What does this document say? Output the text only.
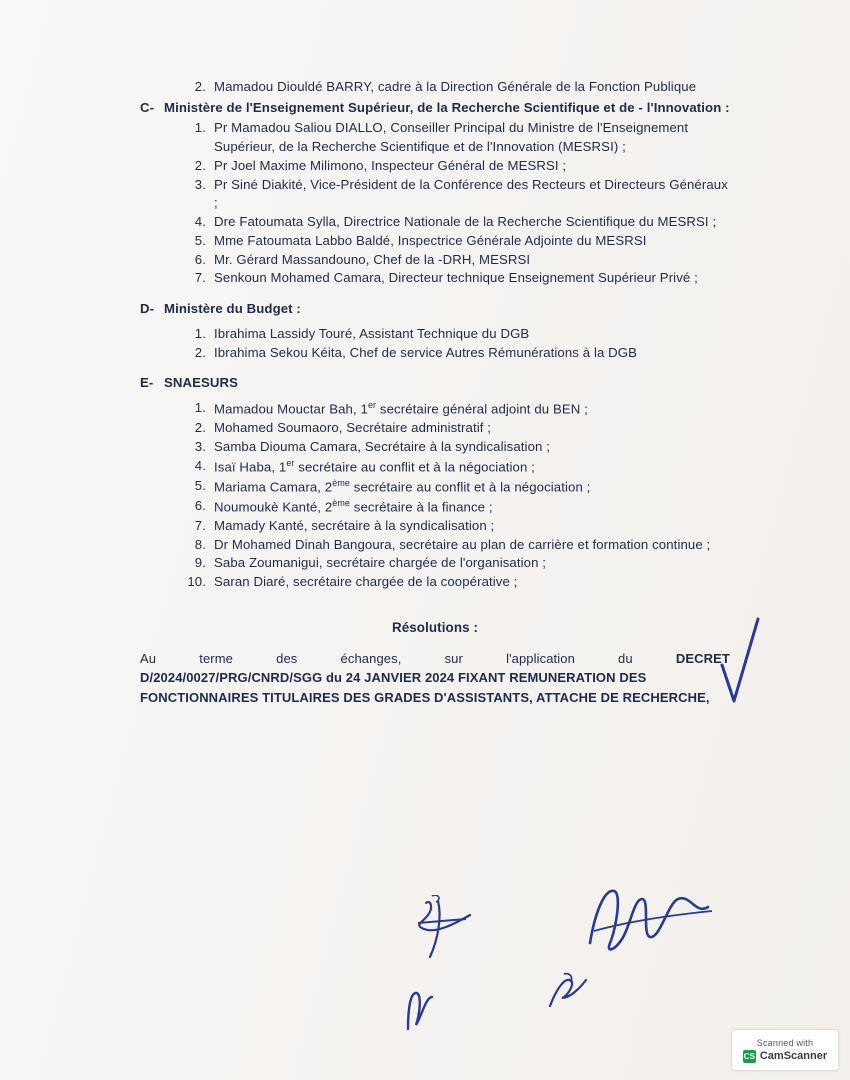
2. Mamadou Diouldé BARRY, cadre à la Direction Générale de la Fonction Publique
C- Ministère de l'Enseignement Supérieur, de la Recherche Scientifique et de - l'Innovation :
1. Pr Mamadou Saliou DIALLO, Conseiller Principal du Ministre de l'Enseignement Supérieur, de la Recherche Scientifique et de l'Innovation (MESRSI) ;
2. Pr Joel Maxime Milimono, Inspecteur Général de MESRSI ;
3. Pr Siné Diakité, Vice-Président de la Conférence des Recteurs et Directeurs Généraux ;
4. Dre Fatoumata Sylla, Directrice Nationale de la Recherche Scientifique du MESRSI ;
5. Mme Fatoumata Labbo Baldé, Inspectrice Générale Adjointe du MESRSI
6. Mr. Gérard Massandouno, Chef de la -DRH, MESRSI
7. Senkoun Mohamed Camara, Directeur technique Enseignement Supérieur Privé ;
D- Ministère du Budget :
1. Ibrahima Lassidy Touré, Assistant Technique du DGB
2. Ibrahima Sekou Kéita, Chef de service Autres Rémunérations à la DGB
E- SNAESURS
1. Mamadou Mouctar Bah, 1er secrétaire général adjoint du BEN ;
2. Mohamed Soumaoro, Secrétaire administratif ;
3. Samba Diouma Camara, Secrétaire à la syndicalisation ;
4. Isaï Haba, 1er secrétaire au conflit et à la négociation ;
5. Mariama Camara, 2ème secrétaire au conflit et à la négociation ;
6. Noumoukè Kanté, 2ème secrétaire à la finance ;
7. Mamady Kanté, secrétaire à la syndicalisation ;
8. Dr Mohamed Dinah Bangoura, secrétaire au plan de carrière et formation continue ;
9. Saba Zoumanigui, secrétaire chargée de l'organisation ;
10. Saran Diaré, secrétaire chargée de la coopérative ;
Résolutions :
Au	terme	des	échanges,	sur	l'application	du	DECRET
D/2024/0027/PRG/CNRD/SGG du 24 JANVIER 2024 FIXANT REMUNERATION DES
FONCTIONNAIRES TITULAIRES DES GRADES D'ASSISTANTS, ATTACHE DE RECHERCHE,
Scanned with
CS CamScanner
